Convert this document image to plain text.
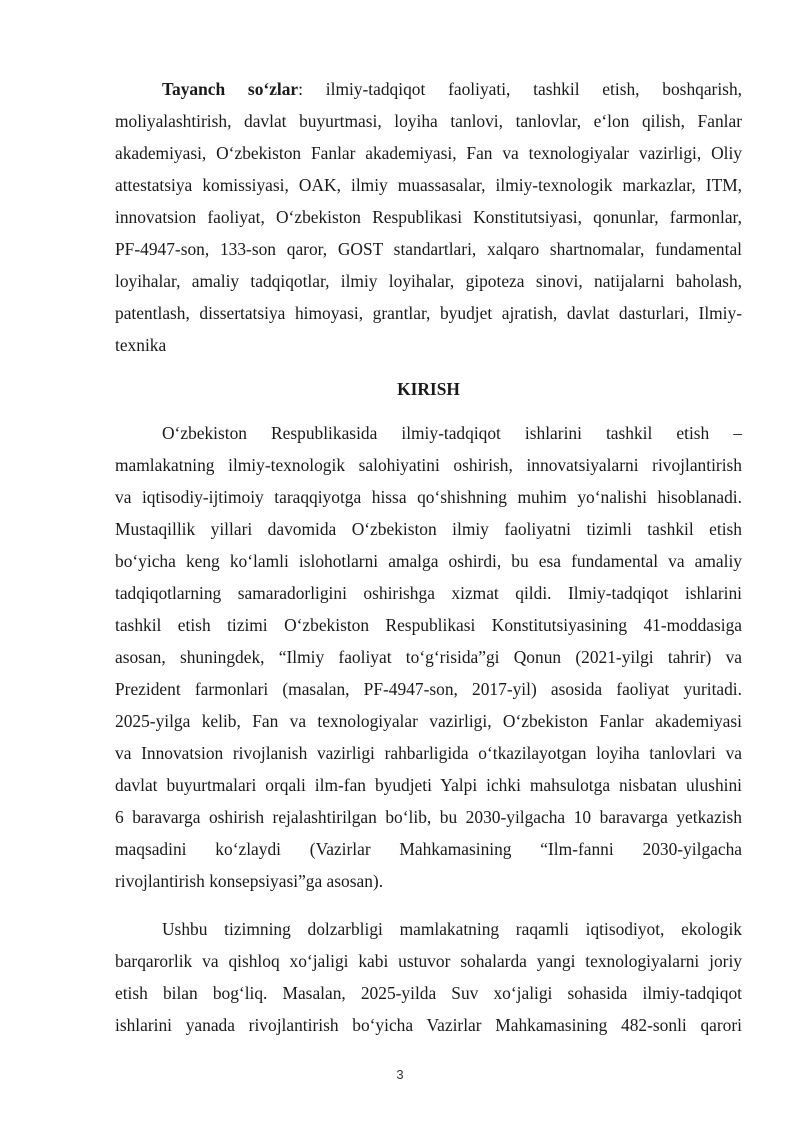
Tayanch so‘zlar: ilmiy-tadqiqot faoliyati, tashkil etish, boshqarish,
moliyalashtirish, davlat buyurtmasi, loyiha tanlovi, tanlovlar, e‘lon qilish, Fanlar
akademiyasi, O‘zbekiston Fanlar akademiyasi, Fan va texnologiyalar vazirligi, Oliy
attestatsiya komissiyasi, OAK, ilmiy muassasalar, ilmiy-texnologik markazlar, ITM,
innovatsion faoliyat, O‘zbekiston Respublikasi Konstitutsiyasi, qonunlar, farmonlar,
PF-4947-son, 133-son qaror, GOST standartlari, xalqaro shartnomalar, fundamental
loyihalar, amaliy tadqiqotlar, ilmiy loyihalar, gipoteza sinovi, natijalarni baholash,
patentlash, dissertatsiya himoyasi, grantlar, byudjet ajratish, davlat dasturlari, Ilmiy-
texnika
KIRISH
O‘zbekiston Respublikasida ilmiy-tadqiqot ishlarini tashkil etish –
mamlakatning ilmiy-texnologik salohiyatini oshirish, innovatsiyalarni rivojlantirish
va iqtisodiy-ijtimoiy taraqqiyotga hissa qo‘shishning muhim yo‘nalishi hisoblanadi.
Mustaqillik yillari davomida O‘zbekiston ilmiy faoliyatni tizimli tashkil etish
bo‘yicha keng ko‘lamli islohotlarni amalga oshirdi, bu esa fundamental va amaliy
tadqiqotlarning samaradorligini oshirishga xizmat qildi. Ilmiy-tadqiqot ishlarini
tashkil etish tizimi O‘zbekiston Respublikasi Konstitutsiyasining 41-moddasiga
asosan, shuningdek, “Ilmiy faoliyat to‘g‘risida”gi Qonun (2021-yilgi tahrir) va
Prezident farmonlari (masalan, PF-4947-son, 2017-yil) asosida faoliyat yuritadi.
2025-yilga kelib, Fan va texnologiyalar vazirligi, O‘zbekiston Fanlar akademiyasi
va Innovatsion rivojlanish vazirligi rahbarligida o‘tkazilayotgan loyiha tanlovlari va
davlat buyurtmalari orqali ilm-fan byudjeti Yalpi ichki mahsulotga nisbatan ulushini
6 baravarga oshirish rejalashtirilgan bo‘lib, bu 2030-yilgacha 10 baravarga yetkazish
maqsadini ko‘zlaydi (Vazirlar Mahkamasining “Ilm-fanni 2030-yilgacha
rivojlantirish konsepsiyasi”ga asosan).
Ushbu tizimning dolzarbligi mamlakatning raqamli iqtisodiyot, ekologik
barqarorlik va qishloq xo‘jaligi kabi ustuvor sohalarda yangi texnologiyalarni joriy
etish bilan bog‘liq. Masalan, 2025-yilda Suv xo‘jaligi sohasida ilmiy-tadqiqot
ishlarini yanada rivojlantirish bo‘yicha Vazirlar Mahkamasining 482-sonli qarori
3
